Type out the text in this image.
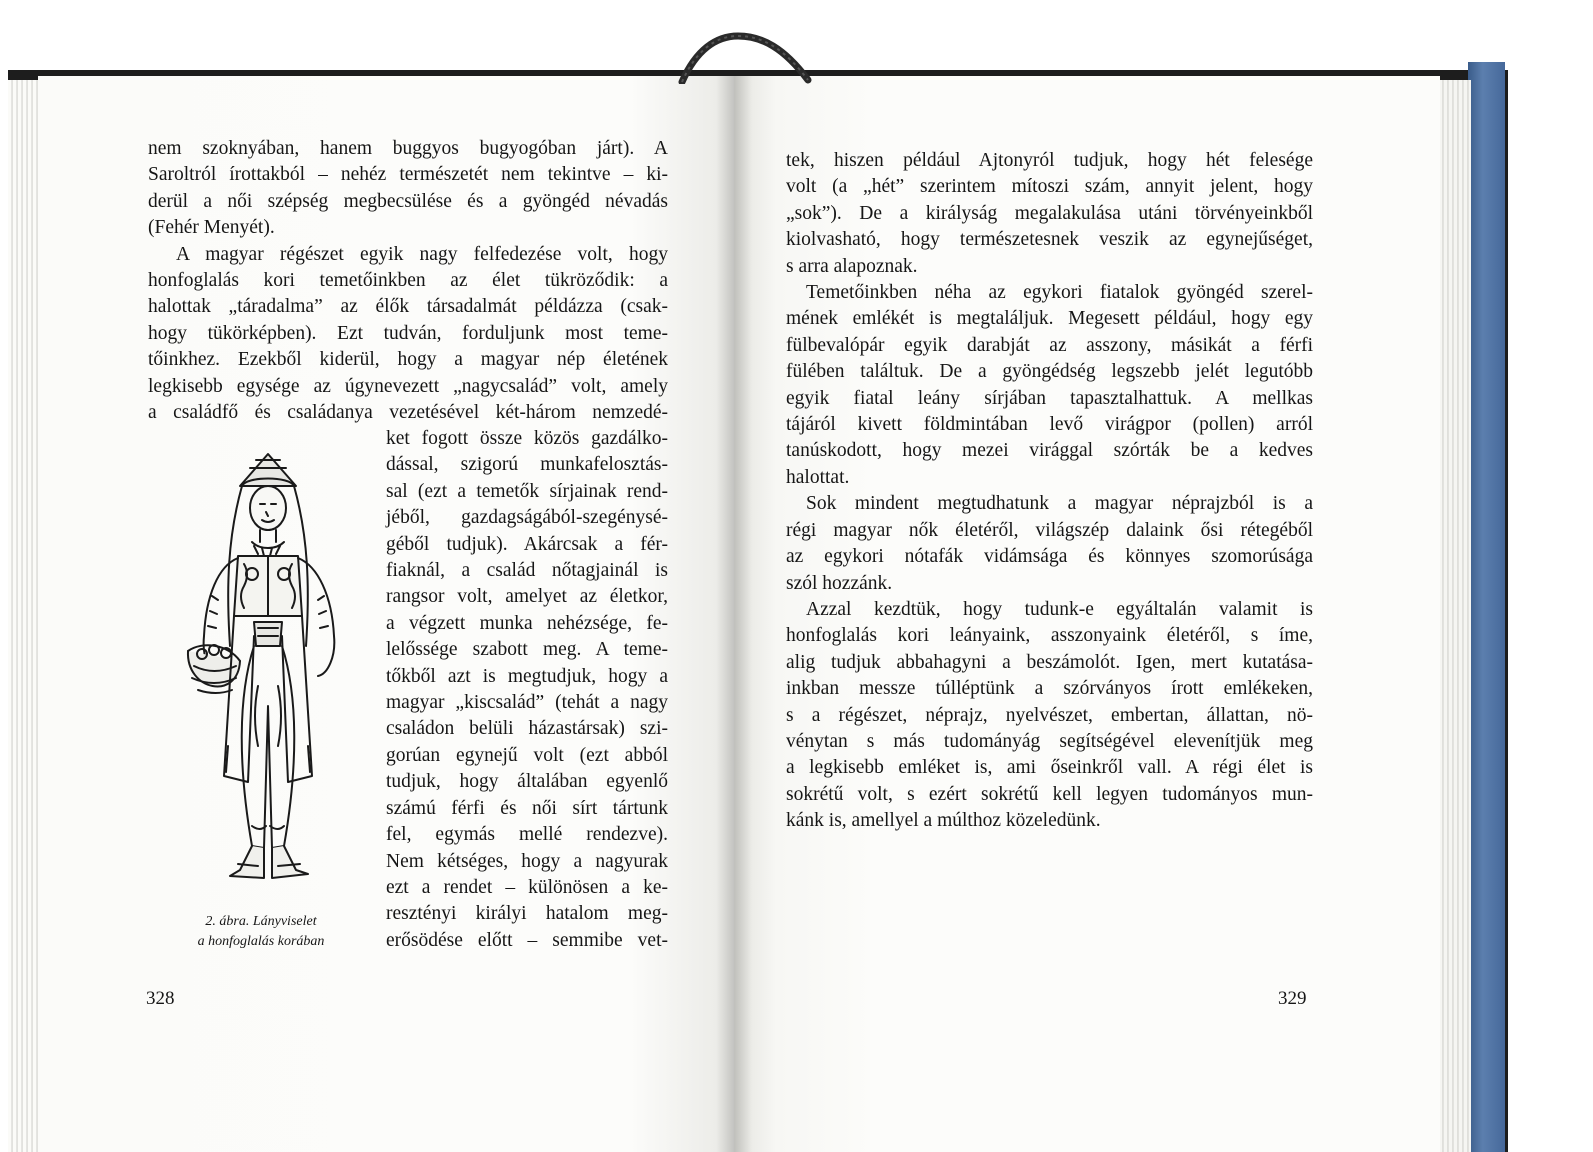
nem szoknyában, hanem buggyos bugyogóban járt). A
Saroltról írottakból – nehéz természetét nem tekintve – ki-
derül a női szépség megbecsülése és a gyöngéd névadás
(Fehér Menyét).
A magyar régészet egyik nagy felfedezése volt, hogy
honfoglalás kori temetőinkben az élet tükröződik: a
halottak „táradalma” az élők társadalmát példázza (csak-
hogy tükörképben). Ezt tudván, forduljunk most teme-
tőinkhez. Ezekből kiderül, hogy a magyar nép életének
legkisebb egysége az úgynevezett „nagycsalád” volt, amely
a családfő és családanya vezetésével két-három nemzedé-
ket fogott össze közös gazdálko-
dással, szigorú munkafelosztás-
sal (ezt a temetők sírjainak rend-
jéből, gazdagságából-szegénysé-
géből tudjuk). Akárcsak a fér-
fiaknál, a család nőtagjainál is
rangsor volt, amelyet az életkor,
a végzett munka nehézsége, fe-
lelőssége szabott meg. A teme-
tőkből azt is megtudjuk, hogy a
magyar „kiscsalád” (tehát a nagy
családon belüli házastársak) szi-
gorúan egynejű volt (ezt abból
tudjuk, hogy általában egyenlő
számú férfi és női sírt tártunk
fel, egymás mellé rendezve).
Nem kétséges, hogy a nagyurak
ezt a rendet – különösen a ke-
resztényi királyi hatalom meg-
erősödése előtt – semmibe vet-
2. ábra. Lányviselet
a honfoglalás korában
328
tek, hiszen például Ajtonyról tudjuk, hogy hét felesége
volt (a „hét” szerintem mítoszi szám, annyit jelent, hogy
„sok”). De a királyság megalakulása utáni törvényeinkből
kiolvasható, hogy természetesnek veszik az egynejűséget,
s arra alapoznak.
Temetőinkben néha az egykori fiatalok gyöngéd szerel-
mének emlékét is megtaláljuk. Megesett például, hogy egy
fülbevalópár egyik darabját az asszony, másikát a férfi
fülében találtuk. De a gyöngédség legszebb jelét legutóbb
egyik fiatal leány sírjában tapasztalhattuk. A mellkas
tájáról kivett földmintában levő virágpor (pollen) arról
tanúskodott, hogy mezei virággal szórták be a kedves
halottat.
Sok mindent megtudhatunk a magyar néprajzból is a
régi magyar nők életéről, világszép dalaink ősi rétegéből
az egykori nótafák vidámsága és könnyes szomorúsága
szól hozzánk.
Azzal kezdtük, hogy tudunk-e egyáltalán valamit is
honfoglalás kori leányaink, asszonyaink életéről, s íme,
alig tudjuk abbahagyni a beszámolót. Igen, mert kutatása-
inkban messze túlléptünk a szórványos írott emlékeken,
s a régészet, néprajz, nyelvészet, embertan, állattan, nö-
vénytan s más tudományág segítségével elevenítjük meg
a legkisebb emléket is, ami őseinkről vall. A régi élet is
sokrétű volt, s ezért sokrétű kell legyen tudományos mun-
kánk is, amellyel a múlthoz közeledünk.
329
